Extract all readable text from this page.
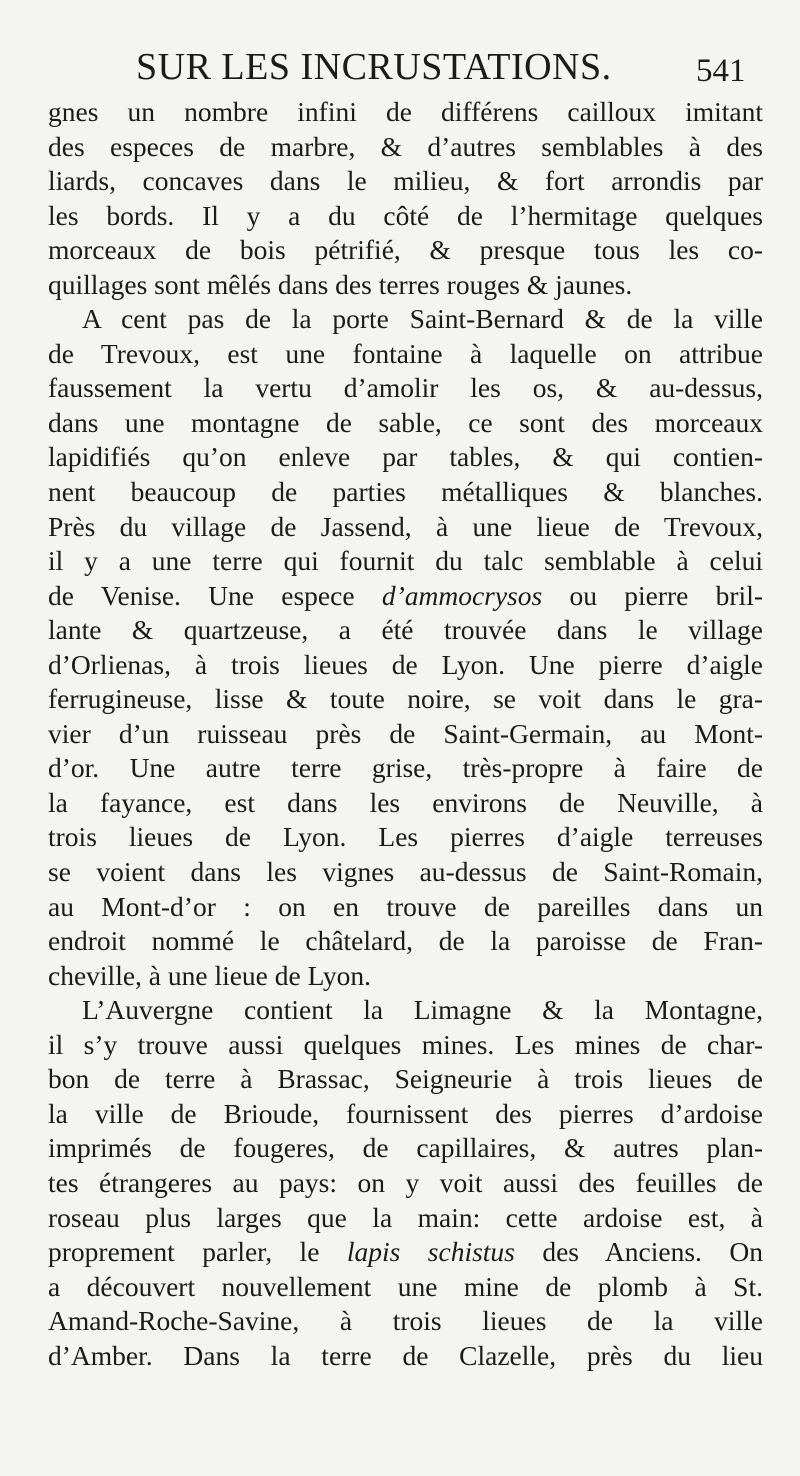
SUR LES INCRUSTATIONS.	541
gnes un nombre infini de différens cailloux imitant
des especes de marbre, & d’autres semblables à des
liards, concaves dans le milieu, & fort arrondis par
les bords. Il y a du côté de l’hermitage quelques
morceaux de bois pétrifié, & presque tous les co-
quillages sont mêlés dans des terres rouges & jaunes.
A cent pas de la porte Saint-Bernard & de la ville
de Trevoux, est une fontaine à laquelle on attribue
faussement la vertu d’amolir les os, & au-dessus,
dans une montagne de sable, ce sont des morceaux
lapidifiés qu’on enleve par tables, & qui contien-
nent beaucoup de parties métalliques & blanches.
Près du village de Jassend, à une lieue de Trevoux,
il y a une terre qui fournit du talc semblable à celui
de Venise. Une espece d’ammocrysos ou pierre bril-
lante & quartzeuse, a été trouvée dans le village
d’Orlienas, à trois lieues de Lyon. Une pierre d’aigle
ferrugineuse, lisse & toute noire, se voit dans le gra-
vier d’un ruisseau près de Saint-Germain, au Mont-
d’or. Une autre terre grise, très-propre à faire de
la fayance, est dans les environs de Neuville, à
trois lieues de Lyon. Les pierres d’aigle terreuses
se voient dans les vignes au-dessus de Saint-Romain,
au Mont-d’or : on en trouve de pareilles dans un
endroit nommé le châtelard, de la paroisse de Fran-
cheville, à une lieue de Lyon.
L’Auvergne contient la Limagne & la Montagne,
il s’y trouve aussi quelques mines. Les mines de char-
bon de terre à Brassac, Seigneurie à trois lieues de
la ville de Brioude, fournissent des pierres d’ardoise
imprimés de fougeres, de capillaires, & autres plan-
tes étrangeres au pays: on y voit aussi des feuilles de
roseau plus larges que la main: cette ardoise est, à
proprement parler, le lapis schistus des Anciens. On
a découvert nouvellement une mine de plomb à St.
Amand-Roche-Savine, à trois lieues de la ville
d’Amber. Dans la terre de Clazelle, près du lieu
